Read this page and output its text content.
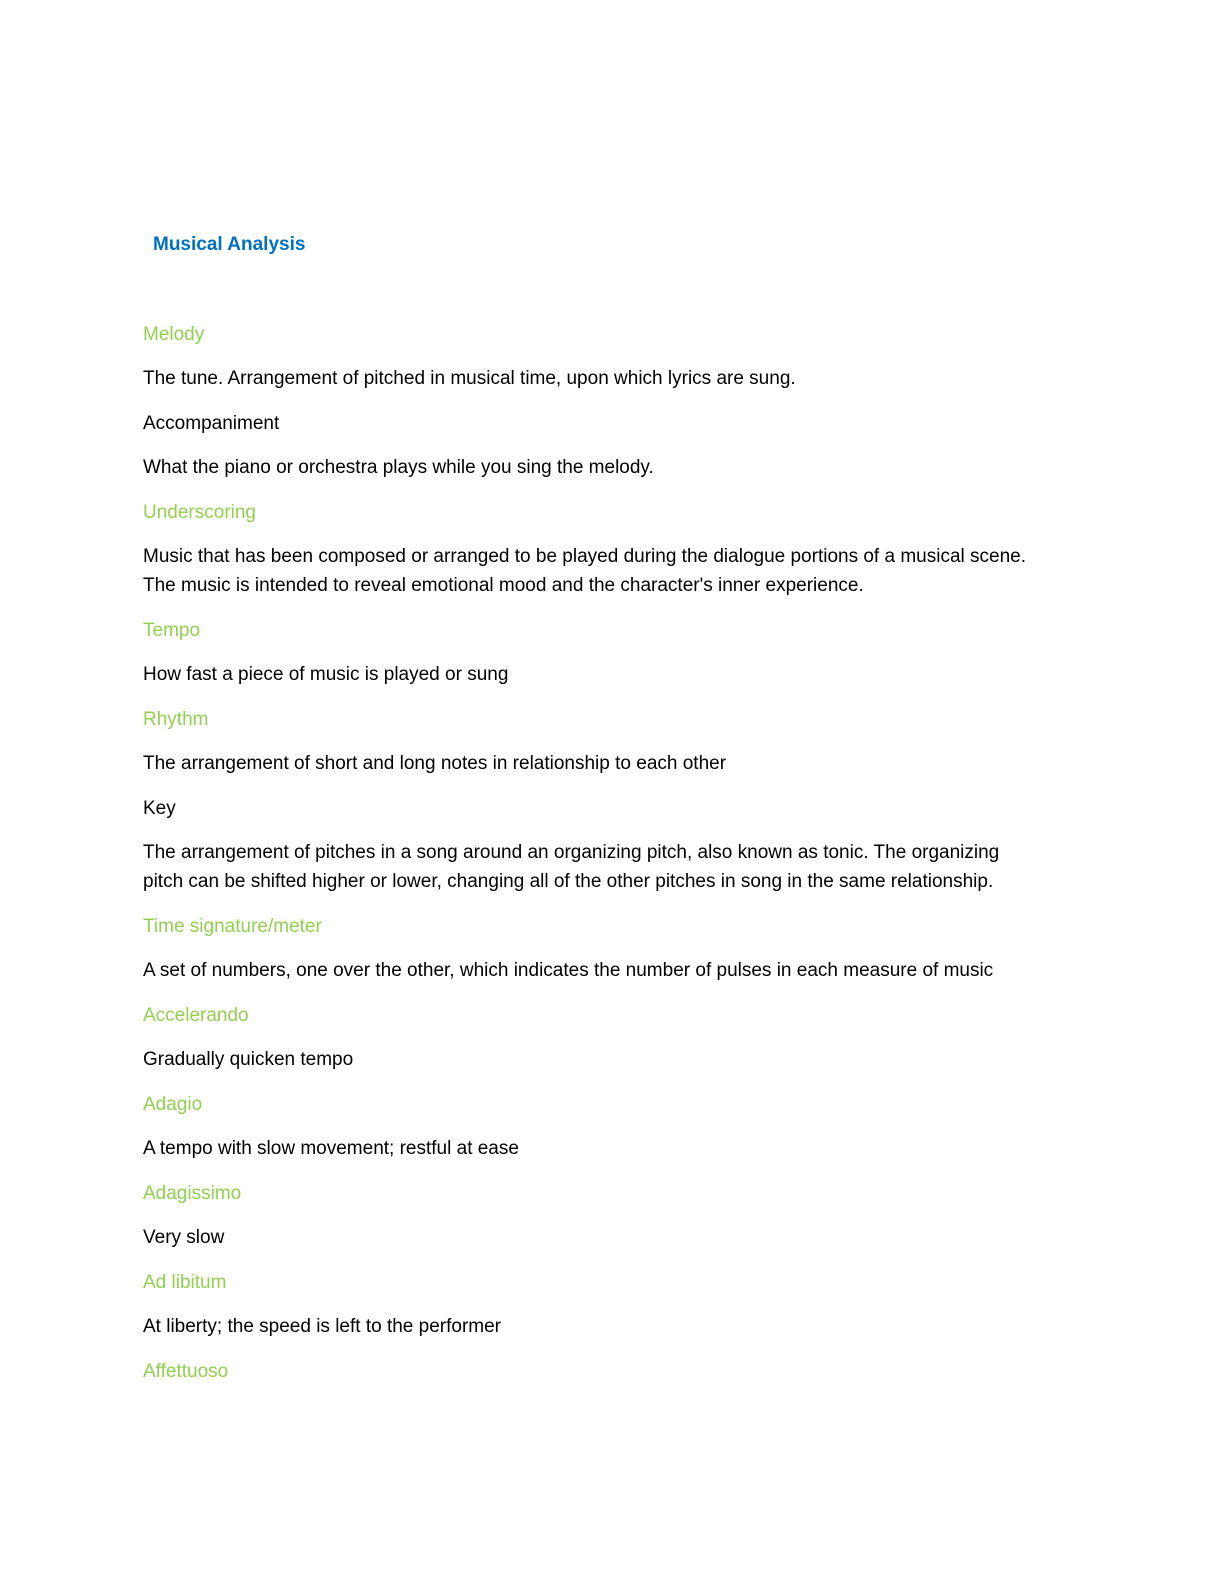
Musical Analysis

Melody

The tune. Arrangement of pitched in musical time, upon which lyrics are sung.

Accompaniment

What the piano or orchestra plays while you sing the melody.

Underscoring

Music that has been composed or arranged to be played during the dialogue portions of a musical scene.

The music is intended to reveal emotional mood and the character's inner experience.

Tempo

How fast a piece of music is played or sung

Rhythm

The arrangement of short and long notes in relationship to each other

Key

The arrangement of pitches in a song around an organizing pitch, also known as tonic. The organizing

pitch can be shifted higher or lower, changing all of the other pitches in song in the same relationship.

Time signature/meter

A set of numbers, one over the other, which indicates the number of pulses in each measure of music

Accelerando

Gradually quicken tempo

Adagio

A tempo with slow movement; restful at ease

Adagissimo

Very slow

Ad libitum

At liberty; the speed is left to the performer

Affettuoso
